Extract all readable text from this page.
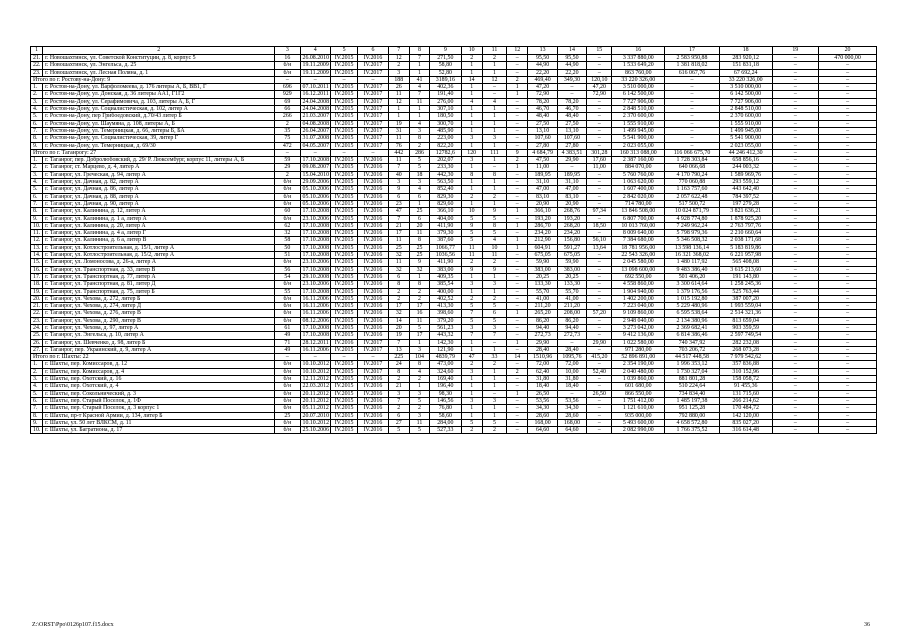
1	2	3	4	5	6	7	8	9	10	11	12	13	14	15	16	17	18	19	20
21.	г. Новошахтинск, ул. Советской Конституции, д. 8, корпус 5	16	26.08.2010	IV.2015	IV.2016	12	7	271,50	2	2	–	95,50	95,50	–	3 337 880,00	2 583 950,88	283 920,12	–	470 000,00
22.	г. Новошахтинск, ул. Энгельса, д. 25	б/н	19.11.2009	IV.2015	IV.2017	2	1	58,80	1	1	–	44,90	44,90	–	1 533 649,20	1 381 818,02	151 831,18	–	–
23.	г. Новошахтинск, ул. Лесная Поляна, д. 1	б/н	19.11.2009	IV.2015	IV.2017	3	1	52,80	1	1	–	22,20	22,20	–	863 760,00	616 067,76	67 692,24	–	–
Итого по г. Ростову-на-Дону: 9		–	–	–	–	188	41	3189,16	14	12	2	469,40	349,30	120,10	33 220 326,00	–	33 220 326,00	–	–
1.	г. Ростов-на-Дону, ул. Варфоломеева, д. 176 литеры А, Б, ВВ1, Г	696	07.10.2011	IV.2015	IV.2017	26	4	402,36	1	–	1	47,20	–	47,20	3 510 000,00	–	3 510 000,00	–	–
2.	г. Ростов-на-Дону, ул. Донская, д. 36 литеры АА1, Г1Г2	929	16.12.2011	IV.2015	IV.2017	11	7	191,40	1	–	1	72,90	–	72,90	6 142 500,00	–	6 142 500,00	–	–
3.	г. Ростов-на-Дону, ул. Серафимовича, д. 103, литеры А, Б, Г	69	24.04.2008	IV.2015	IV.2017	12	11	276,00	4	4	–	78,20	78,20	–	7 727 906,00	–	7 727 906,00	–	–
4.	г. Ростов-на-Дону, ул. Социалистическая, д. 102, литер А	66	24.04.2008	IV.2015	IV.2017	1	1	307,10	1	1	–	46,70	46,70	–	2 848 510,00	–	2 848 510,00	–	–
5.	г. Ростов-на-Дону, пер Грибоедовский, д.70/43 литер Б	266	21.03.2007	IV.2015	IV.2017	1	1	180,50	1	1	–	48,40	48,40	–	2 370 600,00	–	2 370 600,00	–	–
6.	г. Ростов-на-Дону, ул. Шаумяна, д. 108, литеры А, Б	2	04.08.2008	IV.2015	IV.2017	19	4	300,70	1	1	–	27,50	27,50	–	1 555 910,00	–	1 555 910,00	–	–
7.	г. Ростов-на-Дону, ул. Темерницкая, д. 66, литеры Б, БА	35	26.04.2007	IV.2015	IV.2017	31	3	485,90	1	1	–	13,10	13,10	–	1 499 945,00	–	1 499 945,00	–	–
8.	г. Ростов-на-Дону, ул. Социалистическая, 39, литер Г	75	31.07.2008	IV.2015	IV.2017	11	8	223,00	3	3	–	107,60	107,60	–	5 541 900,00	–	5 541 900,00	–	–
9.	г. Ростов-на-Дону, ул. Темерницкая, д. 69/30	472	04.05.2007	IV.2015	IV.2017	76	2	822,20	1	1	–	27,80	27,80	–	2 023 055,00	–	2 023 055,00	–	–
Итого по г. Таганрогу: 27		–	–	–	–	442	286	12782,6	120	111	9	4 684,79	4 383,51	301,28	160 313 088,00	116 066 675,70	44 246 412,30	–	–
1.	г. Таганрог, пер. Добролюбовский, д. 29/ Р. Люксембург, корпус 11, литеры А, Б	59	17.10.2008	IV.2015	IV.2016	11	5	202,07	3	1	2	47,50	29,90	17,60	2 387 160,00	1 728 303,84	658 856,16	–	–
2.	г. Таганрог, ст. Марцево, д. 4, литер А	29	09.08.2007	IV.2015	IV.2016	7	5	233,30	1	–	1	11,00	–	11,00	884 070,00	640 066,68	244 003,32	–	–
3.	г. Таганрог, ул. Греческая, д. 94, литер А	2	15.04.2010	IV.2015	IV.2016	40	18	442,30	8	8	–	189,95	189,95	–	5 760 760,00	4 170 790,24	1 589 969,76	–	–
4.	г. Таганрог, ул. Дачная, д. 82, литер А	б/н	29.09.2006	IV.2015	IV.2016	3	3	563,50	1	1	–	31,10	31,10	–	1 063 620,00	770 060,88	293 559,12	–	–
5.	г. Таганрог, ул. Дачная, д. 86, литер А	б/н	05.10.2006	IV.2015	IV.2016	9	4	852,40	1	1	–	47,00	47,00	–	1 607 400,00	1 163 757,60	443 642,40	–	–
6.	г. Таганрог, ул. Дачная, д. 88, литер А	б/н	05.10.2006	IV.2015	IV.2016	6	6	829,30	2	2	–	83,10	83,10	–	2 842 020,00	2 057 622,48	784 397,52	–	–
7.	г. Таганрог, ул. Дачная, д. 90, литер А	б/н	05.10.2006	IV.2015	IV.2016	23	1	829,60	1	1	–	20,90	20,90	–	714 780,00	517 500,72	197 279,28	–	–
8.	г. Таганрог, ул. Калинина, д. 12, литер А	60	17.10.2008	IV.2015	IV.2016	47	25	366,10	10	9	1	366,10	268,76	97,34	13 846 508,00	10 024 871,79	3 821 636,21	–	–
9.	г. Таганрог, ул. Калинина, д. 1 а, литер А	б/н	23.10.2006	IV.2015	IV.2016	7	6	404,00	5	5	–	193,20	193,20	–	6 807 700,00	4 928 774,80	1 878 925,20	–	–
10.	г. Таганрог, ул. Калинина, д. 20, литер А	62	17.10.2008	IV.2015	IV.2016	21	20	411,90	9	8	1	286,70	268,20	18,50	10 013 760,00	7 249 962,24	2 763 797,76	–	–
11.	г. Таганрог, ул. Калинина, д. 4 а, литер Г	32	17.10.2008	IV.2015	IV.2016	17	11	379,30	5	5	–	234,20	234,20	–	8 009 640,00	5 798 979,36	2 210 660,64	–	–
12.	г. Таганрог, ул. Калинина, д. 6 а, литер В	58	17.10.2008	IV.2015	IV.2016	11	8	387,60	5	4	1	212,90	156,80	56,10	7 384 680,00	5 346 508,32	2 038 171,68	–	–
13.	г. Таганрог, ул. Котлостроительная, д. 15/1, литер А	50	17.10.2008	IV.2015	IV.2016	25	25	1066,77	11	10	1	604,91	591,27	13,64	18 781 956,00	13 598 136,14	5 183 819,86	–	–
14.	г. Таганрог, ул. Котлостроительная, д. 15/2, литер А	51	17.10.2008	IV.2015	IV.2016	32	25	1036,56	11	11	–	675,05	675,05	–	22 543 326,00	16 321 368,02	6 221 957,98	–	–
15.	г. Таганрог, ул. Ломоносова, д. 26-а, литер А	б/н	23.10.2006	IV.2015	IV.2016	11	9	411,90	2	2	–	59,90	59,90	–	2 045 580,00	1 480 117,92	565 408,08	–	–
16.	г. Таганрог, ул. Транспортная, д. 33, литер В	56	17.10.2008	IV.2015	IV.2016	32	32	383,00	9	9	–	383,00	383,00	–	13 098 600,00	9 483 386,40	3 615 213,60	–	–
17.	г. Таганрог, ул. Транспортная, д. 77, литер А	54	29.10.2008	IV.2015	IV.2016	6	1	409,35	1	1	–	20,25	20,25	–	692 550,00	501 406,20	191 143,80	–	–
18.	г. Таганрог, ул. Транспортная, д. 81, литер Д	б/н	23.10.2006	IV.2015	IV.2016	8	8	385,54	3	3	–	133,30	133,30	–	4 558 860,00	3 300 614,64	1 258 245,36	–	–
19.	г. Таганрог, ул. Транспортная, д. 75, литер Б	55	17.10.2008	IV.2015	IV.2016	2	2	400,00	1	1	–	55,70	55,70	–	1 904 940,00	1 379 176,56	525 763,44	–	–
20.	г. Таганрог, ул. Чехова, д. 272, литер Б	б/н	16.11.2006	IV.2015	IV.2016	2	2	402,52	2	2	–	41,00	41,00	–	1 402 200,00	1 015 192,80	387 007,20	–	–
21.	г. Таганрог, ул. Чехова, д. 274, литер Д	б/н	16.11.2006	IV.2015	IV.2016	17	17	413,30	5	5	–	211,20	211,20	–	7 223 040,00	5 229 480,96	1 993 559,04	–	–
22.	г. Таганрог, ул. Чехова, д. 276, литер В	б/н	16.11.2006	IV.2015	IV.2016	32	16	398,60	7	6	1	265,20	208,00	57,20	9 109 860,00	6 595 538,64	2 514 321,36	–	–
23.	г. Таганрог, ул. Чехова, д. 290, литер В	б/н	08.12.2006	IV.2015	IV.2016	14	11	379,20	5	5	–	86,20	86,20	–	2 948 040,00	2 134 380,96	813 659,04	–	–
24.	г. Таганрог, ул. Чехова, д. 97, литер А	61	17.10.2008	IV.2015	IV.2016	20	5	561,23	3	3	–	94,40	94,40	–	3 273 042,00	2 369 682,41	903 359,59	–	–
25.	г. Таганрог, ул. Энгельса, д. 10, литер А	49	17.10.2008	IV.2015	IV.2016	19	17	443,32	7	7	–	272,73	272,73	–	9 412 136,00	6 814 386,46	2 597 749,54	–	–
26.	г. Таганрог, ул. Шевченко, д. 98, литер Б	71	28.12.2011	IV.2016	IV.2017	7	1	142,30	1	–	1	29,90	–	29,90	1 022 580,00	740 347,92	282 232,08	–	–
27.	г. Таганрог, пер. Украинский, д. 9, литер А	49	16.11.2006	IV.2015	IV.2017	13	3	121,90	1	1	–	28,40	28,40	–	971 280,00	703 206,72	268 073,28	–	–
Итого по г. Шахты: 22		–	–	–	–	225	104	4839,79	47	33	14	1510,96	1095,76	415,20	52 896 891,00	44 517 448,58	7 979 542,62	–	–
1.	г. Шахты, пер. Комиссаров, д. 12	б/н	10.10.2012	IV.2015	IV.2017	24	8	473,00	2	2	–	72,00	72,00	–	2 354 190,00	1 996 353,12	357 836,88	–	–
2.	г. Шахты, пер. Комиссаров, д. 4	б/н	10.10.2012	IV.2015	IV.2017	8	4	324,60	3	1	2	62,40	10,00	52,40	2 040 480,00	1 730 327,04	310 152,96	–	–
3.	г. Шахты, пер. Охотский, д. 16	б/н	12.11.2012	IV.2015	IV.2016	2	2	169,40	1	1	–	31,80	31,80	–	1 039 860,00	881 801,28	158 058,72	–	–
4.	г. Шахты, пер. Охотский, д. 4	б/н	22.03.2012	IV.2015	IV.2016	21	1	196,40	1	1	–	18,40	18,40	–	601 680,00	510 224,64	91 455,36	–	–
5.	г. Шахты, пер. Сокольнический, д. 3	б/н	20.11.2012	IV.2015	IV.2016	3	3	98,30	1	–	1	26,50	–	26,50	866 550,00	734 834,40	131 715,60	–	–
6.	г. Шахты, пер. Старый Поселок, д. 1Ф	б/н	20.11.2012	IV.2015	IV.2016	7	5	146,56	3	3	–	53,56	53,56	–	1 751 412,00	1 485 197,38	266 214,62	–	–
7.	г. Шахты, пер. Старый Поселок, д. 3 корпус 1	б/н	05.11.2012	IV.2015	IV.2016	2	2	76,80	1	1	–	34,30	34,30	–	1 121 610,00	951 125,28	170 484,72	–	–
8.	г. Шахты, пр-т Красной Армии, д. 134, литер Б	25	20.07.2010	IV.2015	IV.2016	6	3	58,60	1	1	–	28,60	28,60	–	935 000,00	792 880,00	142 120,00	–	–
9.	г. Шахты, ул. 50 лет ВЛКСМ, д. 11	б/н	10.10.2012	IV.2015	IV.2016	27	11	284,00	5	5	–	168,00	168,00	–	5 493 600,00	4 658 572,80	835 027,20	–	–
10.	г. Шахты, ул. Багратиона, д. 17	б/н	25.10.2006	IV.2015	IV.2016	5	5	527,33	2	2	–	64,60	64,60	–	2 082 990,00	1 766 375,52	316 614,48	–	–
Z:\ORST\Ppo\0126p107.f15.docx	36
